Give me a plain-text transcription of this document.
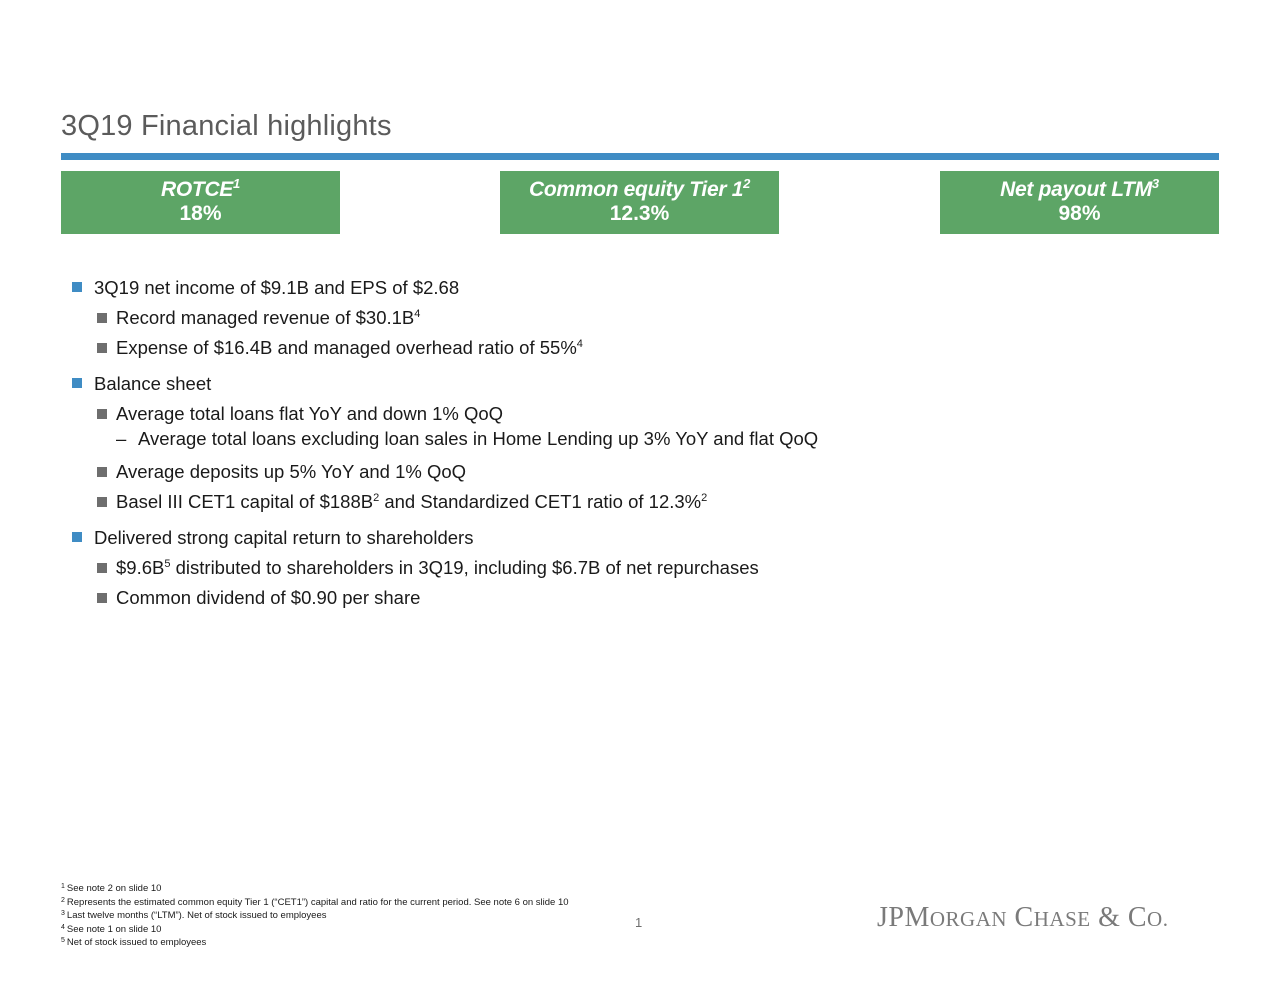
3Q19 Financial highlights
ROTCE$^1$
18%
Common equity Tier $1^2$
12.3%
Net payout LTM$^3$
98%
3Q19 net income of $9.1B and EPS of $2.68
Record managed revenue of $\$30.1B^4$
Expense of $16.4B and managed overhead ratio of 55%$^4$
Balance sheet
Average total loans flat YoY and down 1% QoQ
– Average total loans excluding loan sales in Home Lending up 3% YoY and flat QoQ
Average deposits up 5% YoY and 1% QoQ
Basel III CET1 capital of $\$188B^2$ and Standardized CET1 ratio of 12.3%$^2$
Delivered strong capital return to shareholders
$\$9.6B^5$ distributed to shareholders in 3Q19, including $6.7B of net repurchases
Common dividend of $0.90 per share
$^1$ See note 2 on slide 10
$^2$ Represents the estimated common equity Tier 1 (“CET1”) capital and ratio for the current period. See note 6 on slide 10
$^3$ Last twelve months (“LTM”). Net of stock issued to employees
$^4$ See note 1 on slide 10
$^5$ Net of stock issued to employees
1	JPMORGAN CHASE & CO.
